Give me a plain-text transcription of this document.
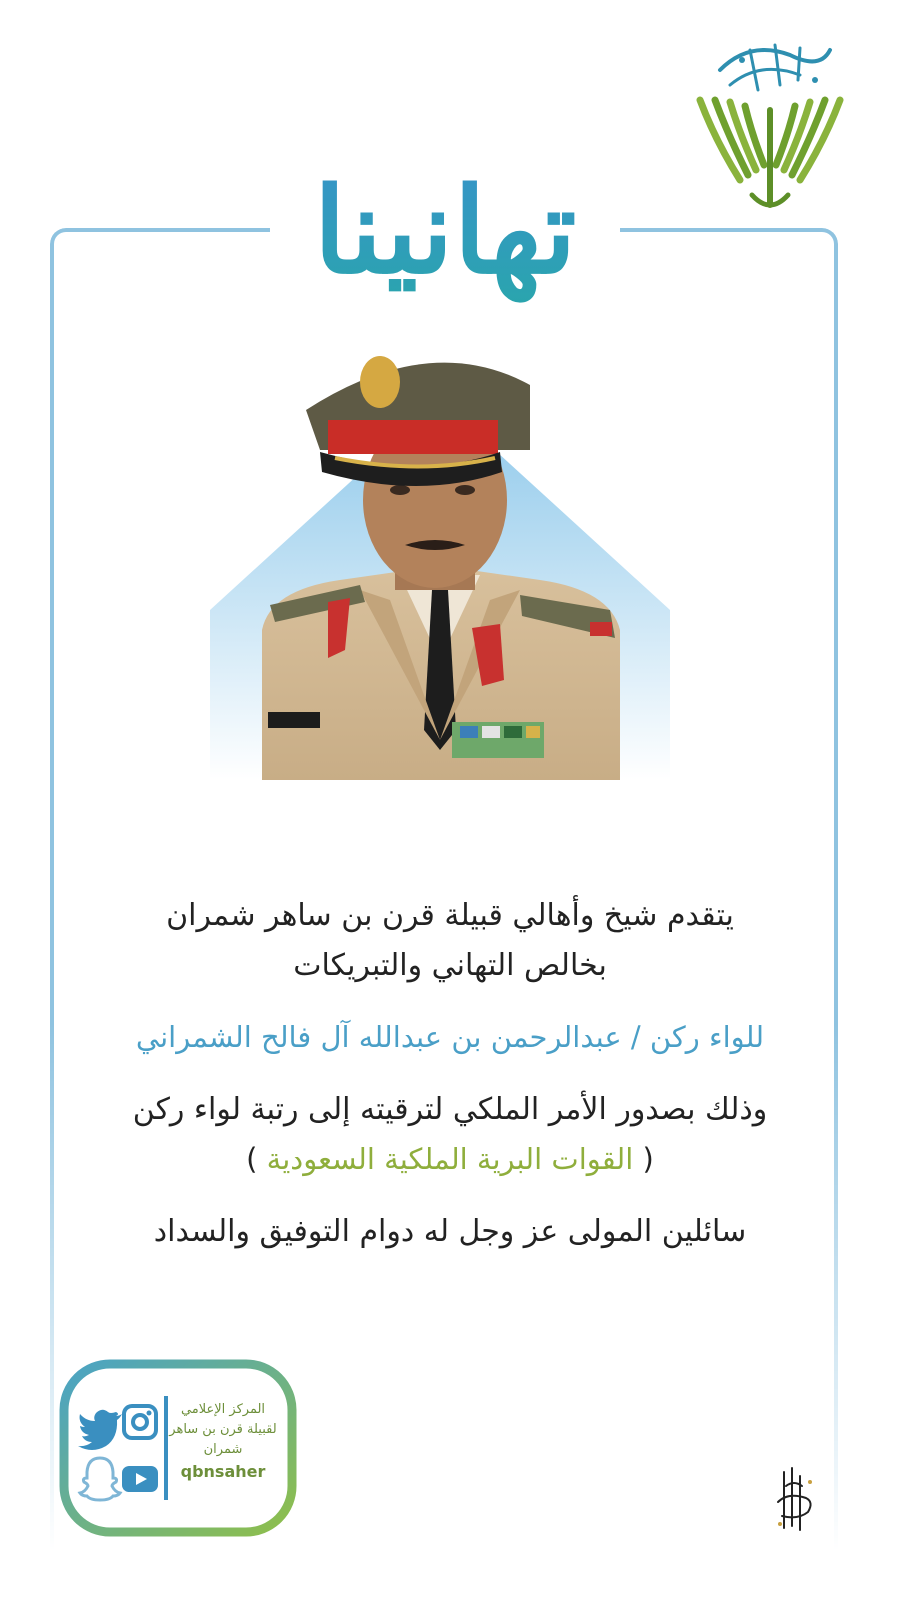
تهانينا

يتقدم شيخ وأهالي قبيلة قرن بن ساهر شمران

بخالص التهاني والتبريكات

للواء ركن / عبدالرحمن بن عبدالله آل فالح الشمراني

وذلك بصدور الأمر الملكي لترقيته إلى رتبة لواء ركن

( القوات البرية الملكية السعودية )

سائلين المولى عز وجل له دوام التوفيق والسداد

المركز الإعلامي
لقبيلة قرن بن ساهر
شمران
qbnsaher
